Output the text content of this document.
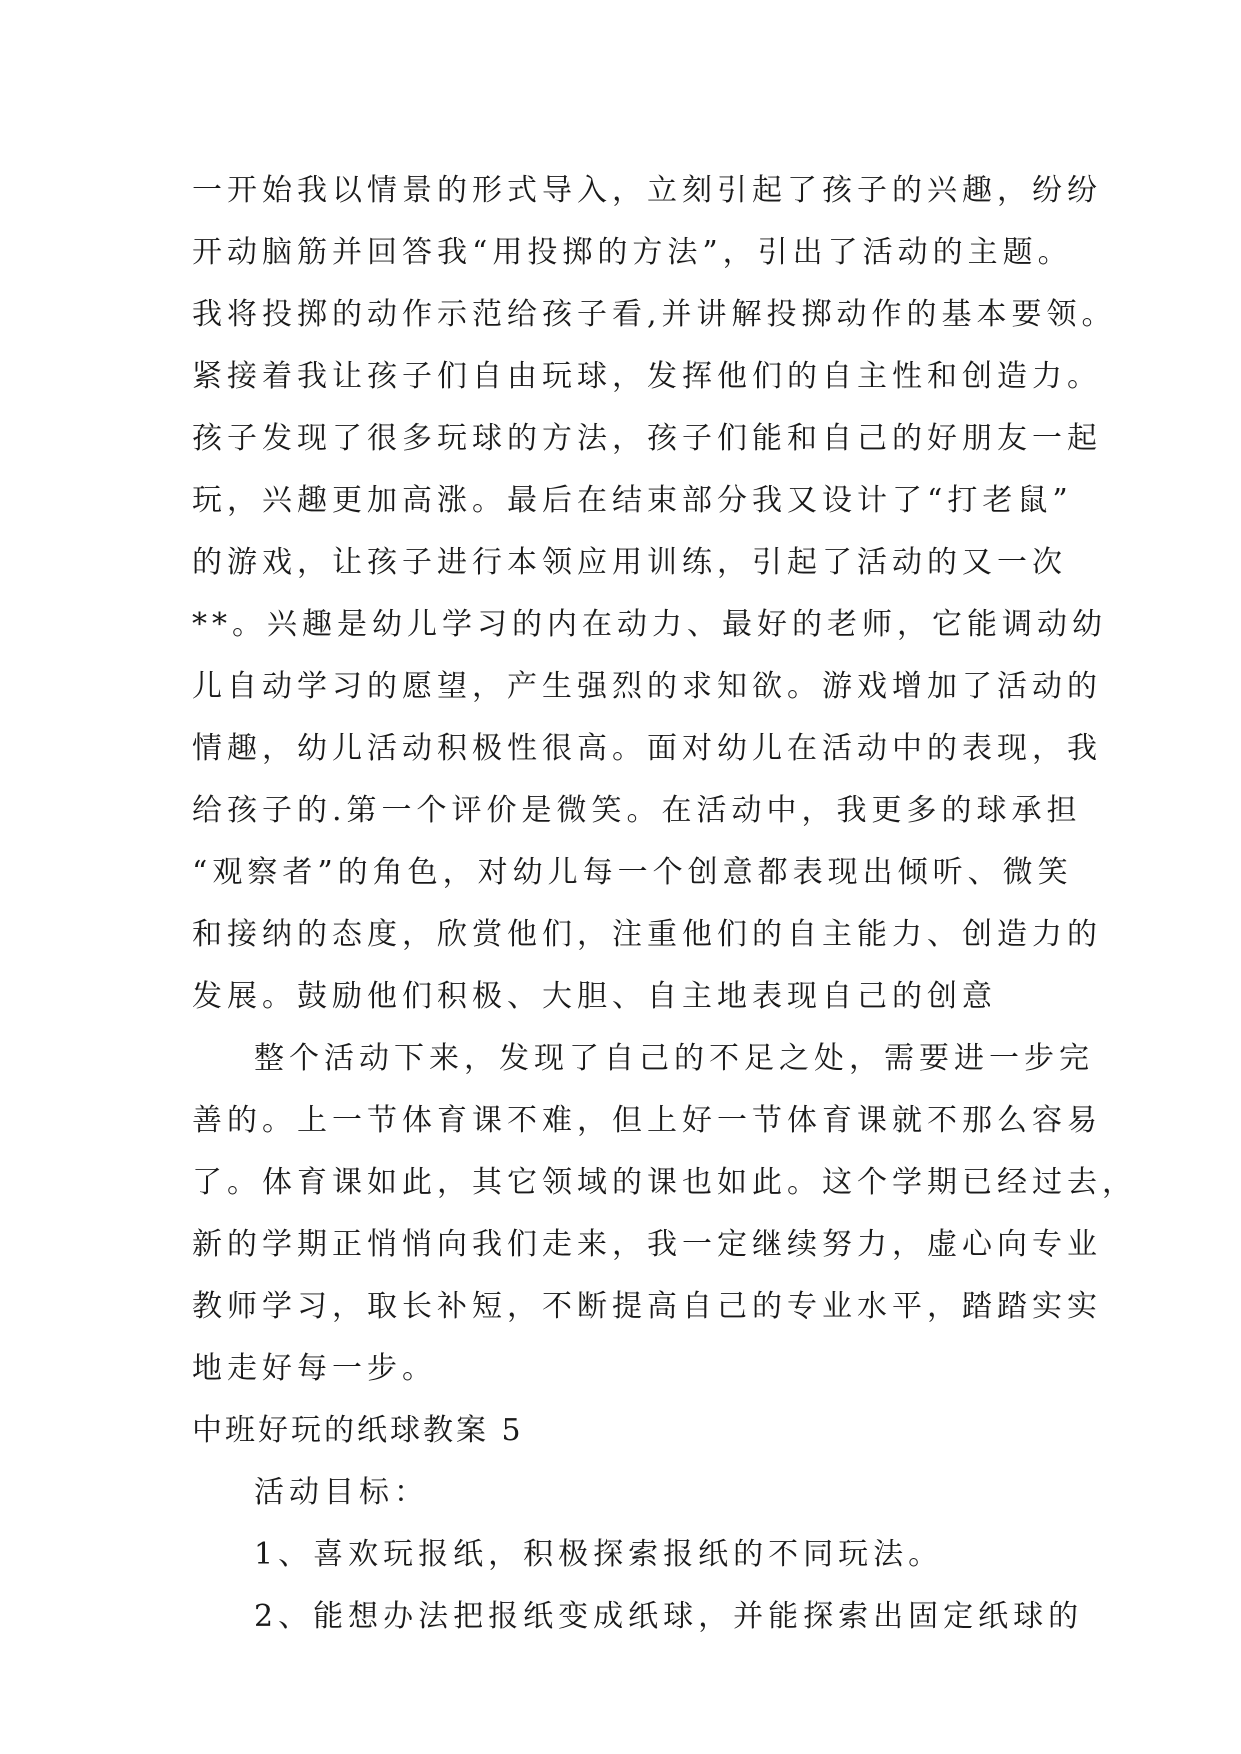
一开始我以情景的形式导入，立刻引起了孩子的兴趣，纷纷
开动脑筋并回答我“用投掷的方法”，引出了活动的主题。
我将投掷的动作示范给孩子看,并讲解投掷动作的基本要领。
紧接着我让孩子们自由玩球，发挥他们的自主性和创造力。
孩子发现了很多玩球的方法，孩子们能和自己的好朋友一起
玩，兴趣更加高涨。最后在结束部分我又设计了“打老鼠”
的游戏，让孩子进行本领应用训练，引起了活动的又一次
**。兴趣是幼儿学习的内在动力、最好的老师，它能调动幼
儿自动学习的愿望，产生强烈的求知欲。游戏增加了活动的
情趣，幼儿活动积极性很高。面对幼儿在活动中的表现，我
给孩子的.第一个评价是微笑。在活动中，我更多的球承担
“观察者”的角色，对幼儿每一个创意都表现出倾听、微笑
和接纳的态度，欣赏他们，注重他们的自主能力、创造力的
发展。鼓励他们积极、大胆、自主地表现自己的创意
整个活动下来，发现了自己的不足之处，需要进一步完
善的。上一节体育课不难，但上好一节体育课就不那么容易
了。体育课如此，其它领域的课也如此。这个学期已经过去，
新的学期正悄悄向我们走来，我一定继续努力，虚心向专业
教师学习，取长补短，不断提高自己的专业水平，踏踏实实
地走好每一步。
中班好玩的纸球教案 5
活动目标：
1、喜欢玩报纸，积极探索报纸的不同玩法。
2、能想办法把报纸变成纸球，并能探索出固定纸球的
